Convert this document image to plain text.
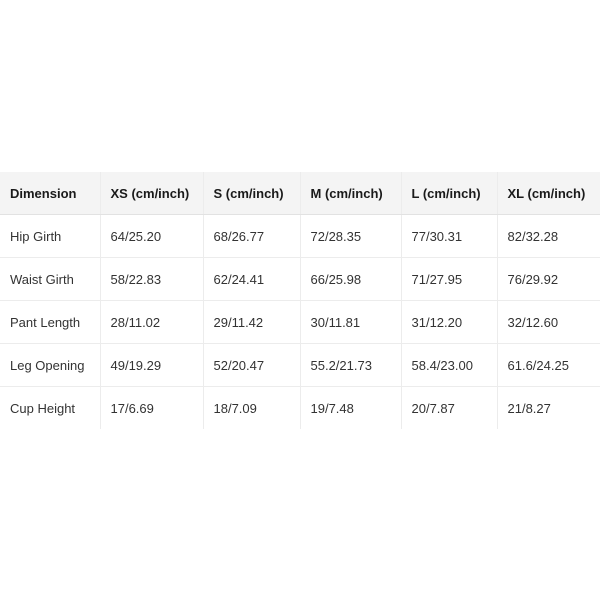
Dimension	XS (cm/inch)	S (cm/inch)	M (cm/inch)	L (cm/inch)	XL (cm/inch)
Hip Girth	64/25.20	68/26.77	72/28.35	77/30.31	82/32.28
Waist Girth	58/22.83	62/24.41	66/25.98	71/27.95	76/29.92
Pant Length	28/11.02	29/11.42	30/11.81	31/12.20	32/12.60
Leg Opening	49/19.29	52/20.47	55.2/21.73	58.4/23.00	61.6/24.25
Cup Height	17/6.69	18/7.09	19/7.48	20/7.87	21/8.27
